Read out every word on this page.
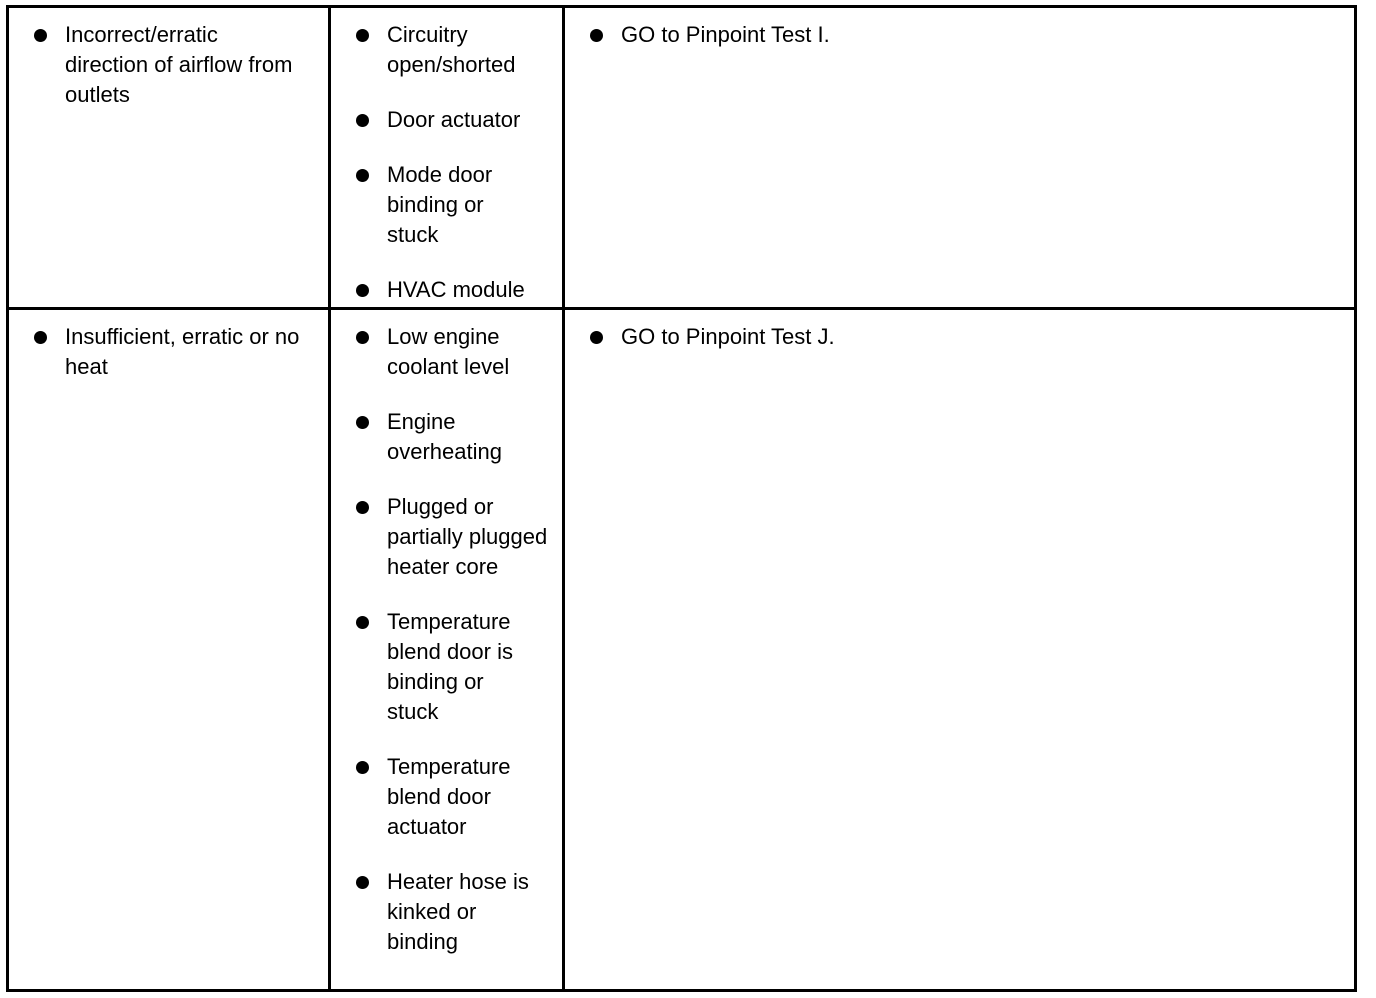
Incorrect/erratic direction of airflow from outlets
Circuitry open/shorted
Door actuator
Mode door binding or stuck
HVAC module
GO to Pinpoint Test I.
Insufficient, erratic or no heat
Low engine coolant level
Engine overheating
Plugged or partially plugged heater core
Temperature blend door is binding or stuck
Temperature blend door actuator
Heater hose is kinked or binding
GO to Pinpoint Test J.
